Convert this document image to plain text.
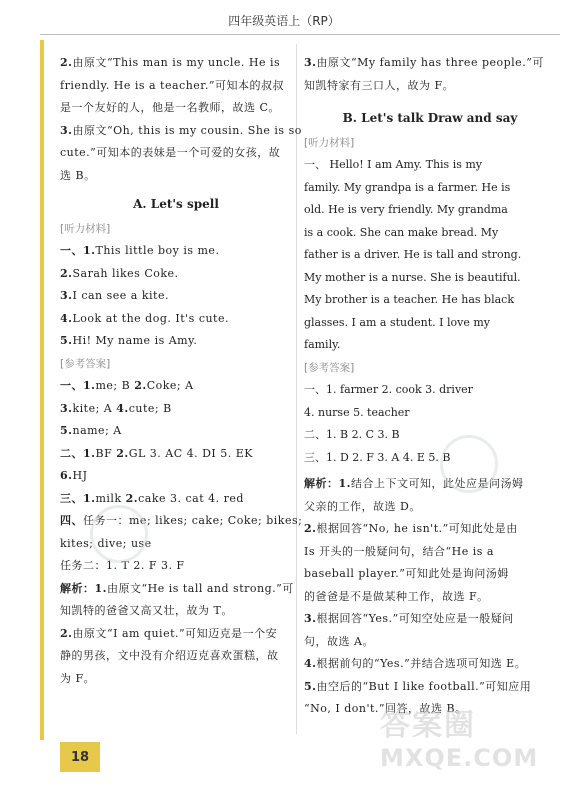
四年级英语上（RP）
2.由原文“This man is my uncle. He is
friendly. He is a teacher.”可知本的叔叔
是一个友好的人，他是一名教师，故选 C。
3.由原文“Oh, this is my cousin. She is so
cute.”可知本的表妹是一个可爱的女孩，故
选 B。
A. Let's spell
[听力材料]
一、1.This little boy is me.
2.Sarah likes Coke.
3.I can see a kite.
4.Look at the dog. It's cute.
5.Hi! My name is Amy.
[参考答案]
一、1.me; B 2.Coke; A
3.kite; A 4.cute; B
5.name; A
二、1.BF 2.GL 3. AC 4. DI 5. EK
6.HJ
三、1.milk 2.cake 3. cat 4. red
四、任务一：me; likes; cake; Coke; bikes;
kites; dive; use
任务二：1. T 2. F 3. F
解析：1.由原文“He is tall and strong.”可
知凯特的爸爸又高又壮，故为 T。
2.由原文“I am quiet.”可知迈克是一个安
静的男孩，文中没有介绍迈克喜欢蛋糕，故
为 F。
3.由原文“My family has three people.”可
知凯特家有三口人，故为 F。
B. Let's talk Draw and say
[听力材料]
一、 Hello! I am Amy. This is my
family. My grandpa is a farmer. He is
old. He is very friendly. My grandma
is a cook. She can make bread. My
father is a driver. He is tall and strong.
My mother is a nurse. She is beautiful.
My brother is a teacher. He has black
glasses. I am a student. I love my
family.
[参考答案]
一、1. farmer 2. cook 3. driver
4. nurse 5. teacher
二、1. B 2. C 3. B
三、1. D 2. F 3. A 4. E 5. B
解析：1.结合上下文可知，此处应是问汤姆
父亲的工作，故选 D。
2.根据回答“No, he isn't.”可知此处是由
Is 开头的一般疑问句，结合“He is a
baseball player.”可知此处是询问汤姆
的爸爸是不是做某种工作，故选 F。
3.根据回答“Yes.”可知空处应是一般疑问
句，故选 A。
4.根据前句的“Yes.”并结合选项可知选 E。
5.由空后的“But I like football.”可知应用
“No, I don't.”回答，故选 B。
18
答案圈
MXQE.COM
